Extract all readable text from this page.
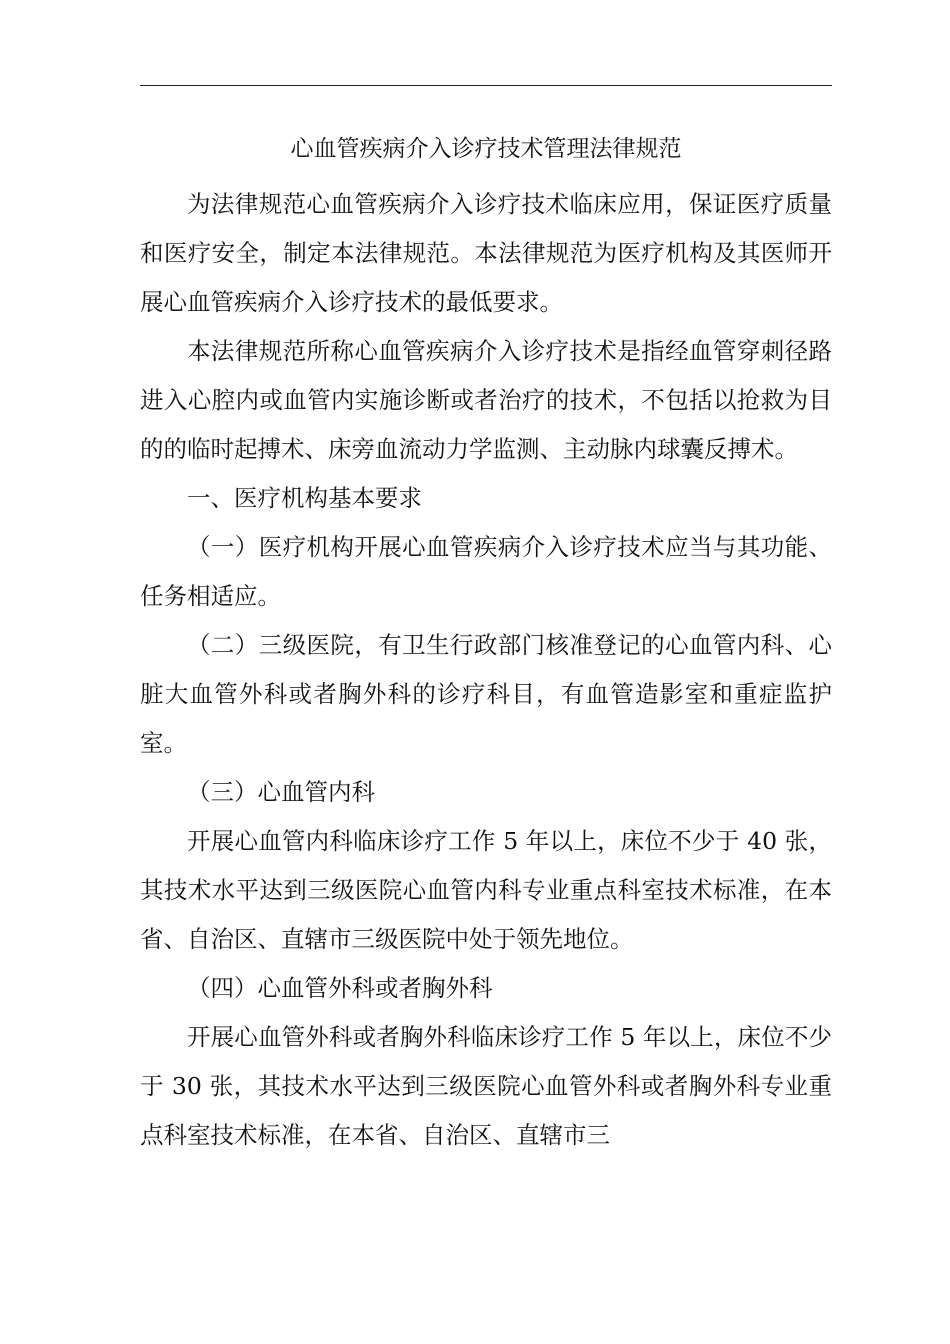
心血管疾病介入诊疗技术管理法律规范

为法律规范心血管疾病介入诊疗技术临床应用，保证医疗质量和医疗安全，制定本法律规范。本法律规范为医疗机构及其医师开展心血管疾病介入诊疗技术的最低要求。

本法律规范所称心血管疾病介入诊疗技术是指经血管穿刺径路进入心腔内或血管内实施诊断或者治疗的技术，不包括以抢救为目的的临时起搏术、床旁血流动力学监测、主动脉内球囊反搏术。

一、医疗机构基本要求

（一）医疗机构开展心血管疾病介入诊疗技术应当与其功能、任务相适应。

（二）三级医院，有卫生行政部门核准登记的心血管内科、心脏大血管外科或者胸外科的诊疗科目，有血管造影室和重症监护室。

（三）心血管内科

开展心血管内科临床诊疗工作 5 年以上，床位不少于 40 张，其技术水平达到三级医院心血管内科专业重点科室技术标准，在本省、自治区、直辖市三级医院中处于领先地位。

（四）心血管外科或者胸外科

开展心血管外科或者胸外科临床诊疗工作 5 年以上，床位不少于 30 张，其技术水平达到三级医院心血管外科或者胸外科专业重点科室技术标准，在本省、自治区、直辖市三
